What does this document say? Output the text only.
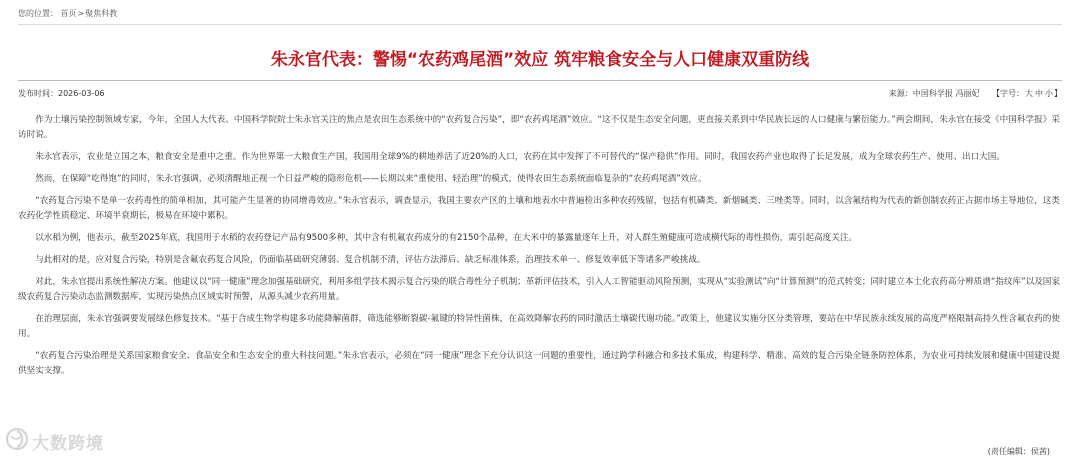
您的位置： 首页>聚焦科教
朱永官代表：警惕“农药鸡尾酒”效应 筑牢粮食安全与人口健康双重防线
发布时间：2026-03-06	来源：中国科学报 冯丽妃 【字号：大 中 小】

作为土壤污染控制领域专家，今年，全国人大代表、中国科学院院士朱永官关注的焦点是农田生态系统中的“农药复合污染”，即“农药鸡尾酒”效应。“这不仅是生态安全问题，更直接关系到中华民族长远的人口健康与繁衍能力。”两会期间，朱永官在接受《中国科学报》采访时说。

朱永官表示，农业是立国之本，粮食安全是重中之重。作为世界第一大粮食生产国，我国用全球9%的耕地养活了近20%的人口，农药在其中发挥了不可替代的“保产稳供”作用。同时，我国农药产业也取得了长足发展，成为全球农药生产、使用、出口大国。

然而，在保障“吃得饱”的同时，朱永官强调，必须清醒地正视一个日益严峻的隐形危机——长期以来“重使用、轻治理”的模式，使得农田生态系统面临复杂的“农药鸡尾酒”效应。

“农药复合污染不是单一农药毒性的简单相加，其可能产生显著的协同增毒效应。”朱永官表示，调查显示，我国主要农产区的土壤和地表水中普遍检出多种农药残留，包括有机磷类、新烟碱类、三唑类等。同时，以含氟结构为代表的新创制农药正占据市场主导地位，这类农药化学性质稳定、环境半衰期长，极易在环境中累积。

以水稻为例，他表示，截至2025年底，我国用于水稻的农药登记产品有9500多种，其中含有机氟农药成分的有2150个品种，在大米中的暴露量逐年上升，对人群生殖健康可造成横代际的毒性损伤，需引起高度关注。

与此相对的是，应对复合污染，特别是含氟农药复合风险，仍面临基础研究薄弱、复合机制不清，评估方法滞后、缺乏标准体系，治理技术单一、修复效率低下等诸多严峻挑战。

对此，朱永官提出系统性解决方案。他建议以“同一健康”理念加强基础研究，利用多组学技术揭示复合污染的联合毒性分子机制；革新评估技术，引入人工智能驱动风险预测，实现从“实验测试”向“计算预测”的范式转变；同时建立本土化农药高分辨质谱“指纹库”以及国家级农药复合污染动态监测数据库，实现污染热点区域实时预警，从源头减少农药用量。

在治理层面，朱永官强调要发展绿色修复技术。“基于合成生物学构建多功能降解菌群，筛选能够断裂碳-氟键的特异性菌株，在高效降解农药的同时激活土壤碳代谢功能。”政策上，他建议实施分区分类管理，要站在中华民族永续发展的高度严格限制高持久性含氟农药的使用。

“农药复合污染治理是关系国家粮食安全、食品安全和生态安全的重大科技问题。”朱永官表示，必须在“同一健康”理念下充分认识这一问题的重要性，通过跨学科融合和多技术集成，构建科学、精准、高效的复合污染全链条防控体系，为农业可持续发展和健康中国建设提供坚实支撑。

(责任编辑：侯茜)
大数跨境
